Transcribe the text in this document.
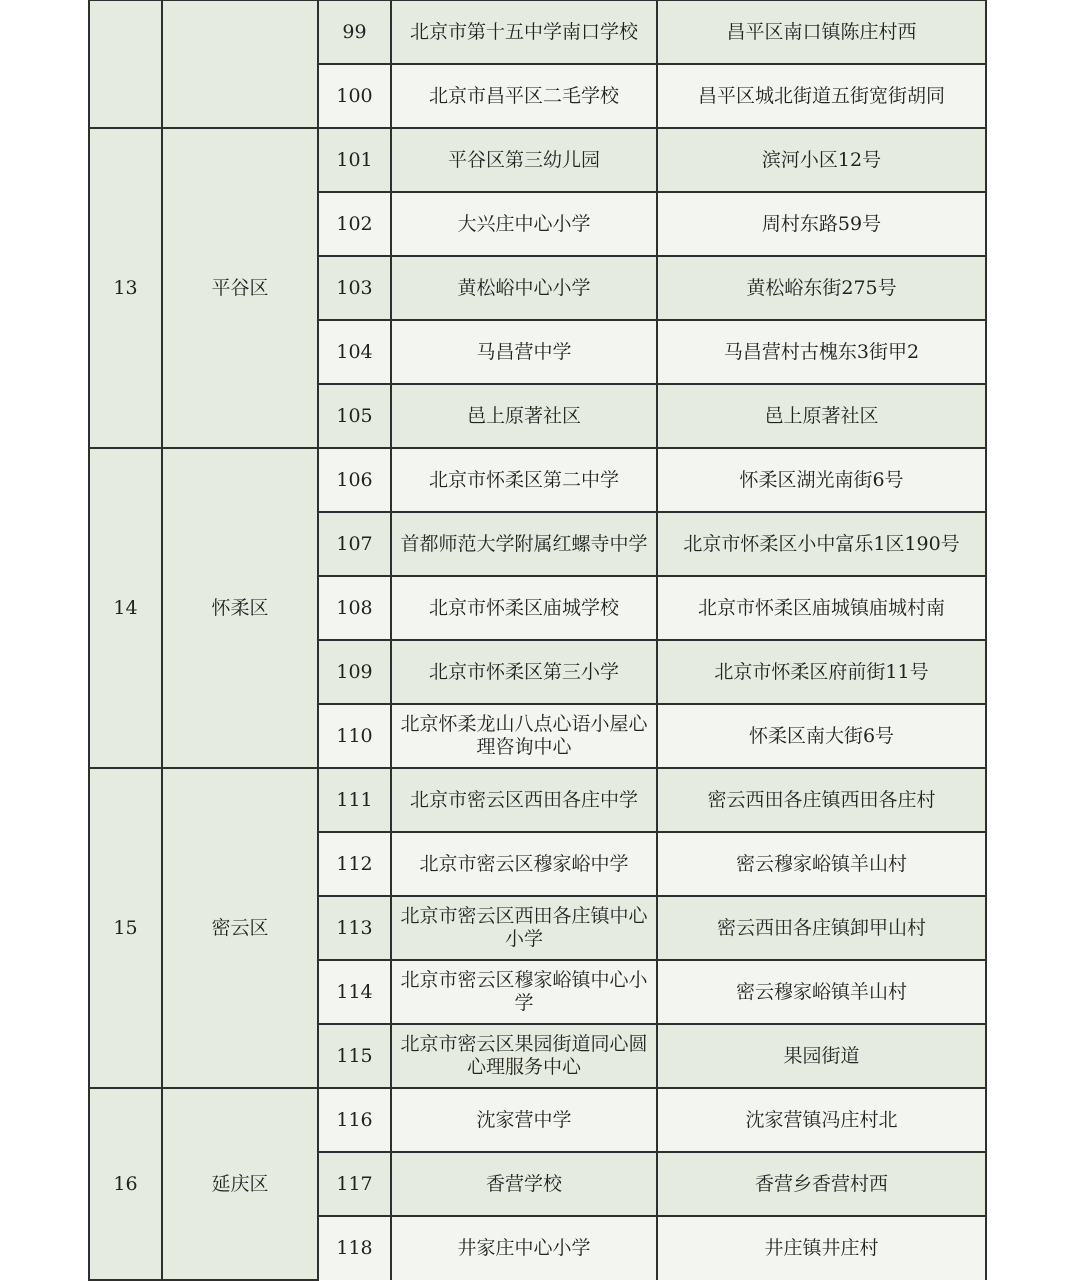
		99	北京市第十五中学南口学校	昌平区南口镇陈庄村西
		100	北京市昌平区二毛学校	昌平区城北街道五街宽街胡同
13	平谷区	101	平谷区第三幼儿园	滨河小区12号
		102	大兴庄中心小学	周村东路59号
		103	黄松峪中心小学	黄松峪东街275号
		104	马昌营中学	马昌营村古槐东3街甲2
		105	邑上原著社区	邑上原著社区
14	怀柔区	106	北京市怀柔区第二中学	怀柔区湖光南街6号
		107	首都师范大学附属红螺寺中学	北京市怀柔区小中富乐1区190号
		108	北京市怀柔区庙城学校	北京市怀柔区庙城镇庙城村南
		109	北京市怀柔区第三小学	北京市怀柔区府前街11号
		110	北京怀柔龙山八点心语小屋心理咨询中心	怀柔区南大街6号
15	密云区	111	北京市密云区西田各庄中学	密云西田各庄镇西田各庄村
		112	北京市密云区穆家峪中学	密云穆家峪镇羊山村
		113	北京市密云区西田各庄镇中心小学	密云西田各庄镇卸甲山村
		114	北京市密云区穆家峪镇中心小学	密云穆家峪镇羊山村
		115	北京市密云区果园街道同心圆心理服务中心	果园街道
16	延庆区	116	沈家营中学	沈家营镇冯庄村北
		117	香营学校	香营乡香营村西
		118	井家庄中心小学	井庄镇井庄村
